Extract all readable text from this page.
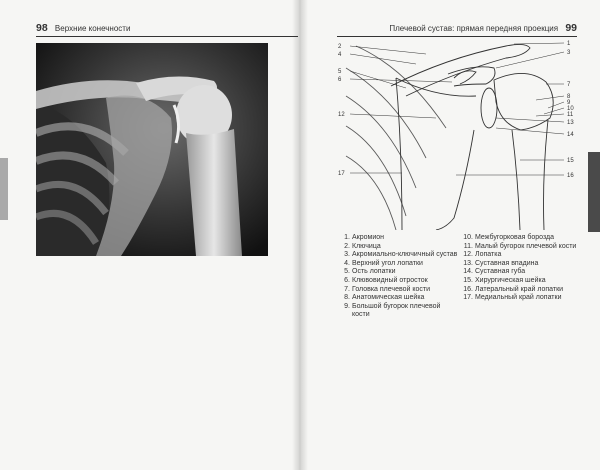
98 Верхние конечности	Плечевой сустав: прямая передняя проекция 99
2
4
5
6
12
17
1
3
7
8
9
10
11
13
14
15
16
1. Акромион
2. Ключица
3. Акромиально-ключичный сустав
4. Верхний угол лопатки
5. Ость лопатки
6. Клювовидный отросток
7. Головка плечевой кости
8. Анатомическая шейка
9. Большой бугорок плечевой кости
10. Межбугорковая борозда
11. Малый бугорок плечевой кости
12. Лопатка
13. Суставная впадина
14. Суставная губа
15. Хирургическая шейка
16. Латеральный край лопатки
17. Медиальный край лопатки
